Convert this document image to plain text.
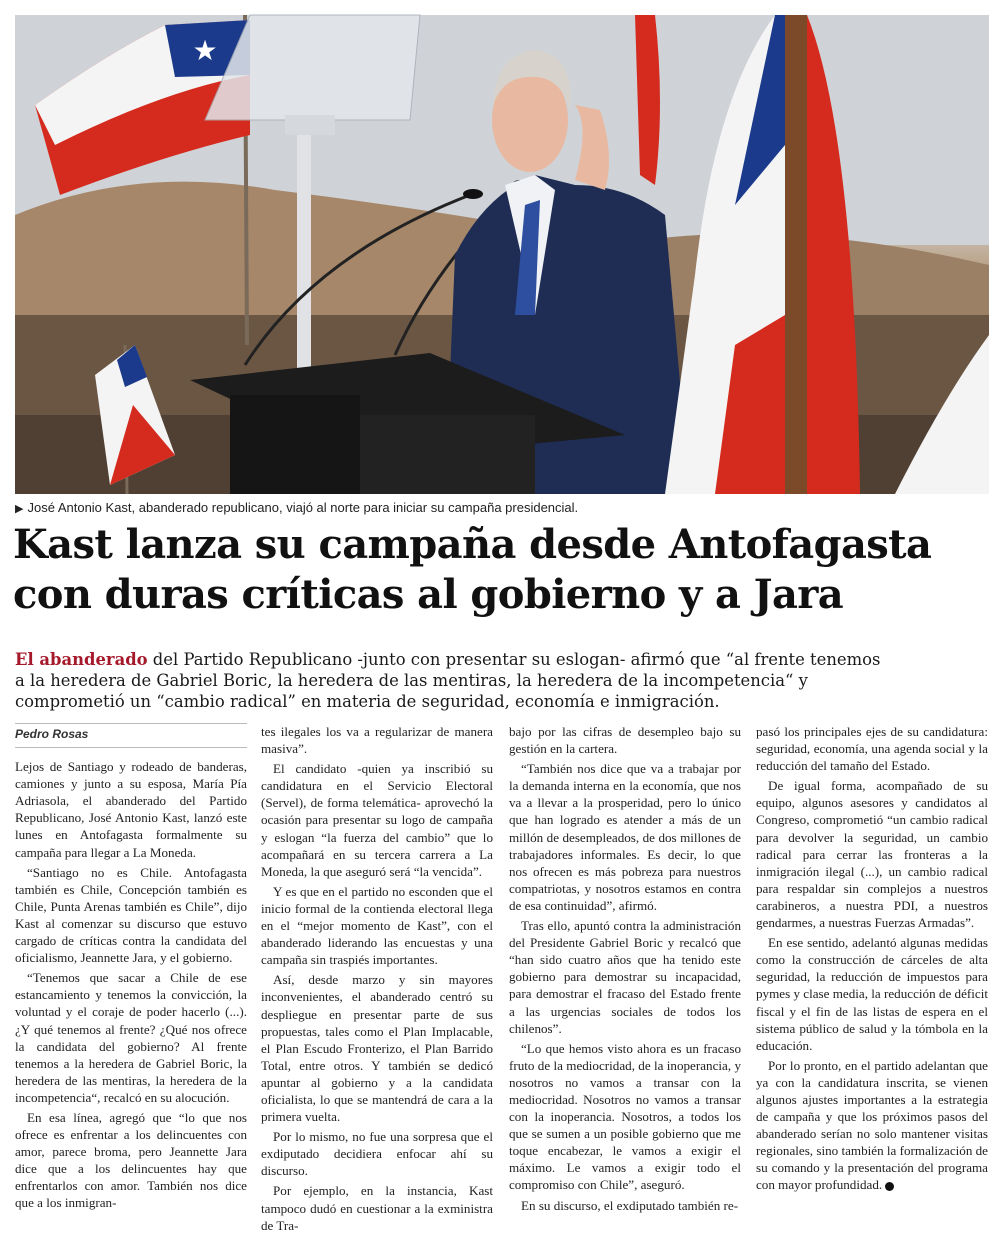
★
▶ José Antonio Kast, abanderado republicano, viajó al norte para iniciar su campaña presidencial.
Kast lanza su campaña desde Antofagasta
con duras críticas al gobierno y a Jara
El abanderado del Partido Republicano -junto con presentar su eslogan- afirmó que “al frente tenemos a la heredera de Gabriel Boric, la heredera de las mentiras, la heredera de la incompetencia“ y comprometió un “cambio radical” en materia de seguridad, economía e inmigración.
Pedro Rosas

Lejos de Santiago y rodeado de banderas, camiones y junto a su esposa, María Pía Adriasola, el abanderado del Partido Republicano, José Antonio Kast, lanzó este lunes en Antofagasta formalmente su campaña para llegar a La Moneda.

“Santiago no es Chile. Antofagasta también es Chile, Concepción también es Chile, Punta Arenas también es Chile”, dijo Kast al comenzar su discurso que estuvo cargado de críticas contra la candidata del oficialismo, Jeannette Jara, y el gobierno.

“Tenemos que sacar a Chile de ese estancamiento y tenemos la convicción, la voluntad y el coraje de poder hacerlo (...). ¿Y qué tenemos al frente? ¿Qué nos ofrece la candidata del gobierno? Al frente tenemos a la heredera de Gabriel Boric, la heredera de las mentiras, la heredera de la incompetencia“, recalcó en su alocución.

En esa línea, agregó que “lo que nos ofrece es enfrentar a los delincuentes con amor, parece broma, pero Jeannette Jara dice que a los delincuentes hay que enfrentarlos con amor. También nos dice que a los inmigran-

tes ilegales los va a regularizar de manera masiva”.

El candidato -quien ya inscribió su candidatura en el Servicio Electoral (Servel), de forma telemática- aprovechó la ocasión para presentar su logo de campaña y eslogan “la fuerza del cambio” que lo acompañará en su tercera carrera a La Moneda, la que aseguró será “la vencida”.

Y es que en el partido no esconden que el inicio formal de la contienda electoral llega en el “mejor momento de Kast”, con el abanderado liderando las encuestas y una campaña sin traspiés importantes.

Así, desde marzo y sin mayores inconvenientes, el abanderado centró su despliegue en presentar parte de sus propuestas, tales como el Plan Implacable, el Plan Escudo Fronterizo, el Plan Barrido Total, entre otros. Y también se dedicó apuntar al gobierno y a la candidata oficialista, lo que se mantendrá de cara a la primera vuelta.

Por lo mismo, no fue una sorpresa que el exdiputado decidiera enfocar ahí su discurso.

Por ejemplo, en la instancia, Kast tampoco dudó en cuestionar a la exministra de Tra-

bajo por las cifras de desempleo bajo su gestión en la cartera.

“También nos dice que va a trabajar por la demanda interna en la economía, que nos va a llevar a la prosperidad, pero lo único que han logrado es atender a más de un millón de desempleados, de dos millones de trabajadores informales. Es decir, lo que nos ofrecen es más pobreza para nuestros compatriotas, y nosotros estamos en contra de esa continuidad”, afirmó.

Tras ello, apuntó contra la administración del Presidente Gabriel Boric y recalcó que “han sido cuatro años que ha tenido este gobierno para demostrar su incapacidad, para demostrar el fracaso del Estado frente a las urgencias sociales de todos los chilenos”.

“Lo que hemos visto ahora es un fracaso fruto de la mediocridad, de la inoperancia, y nosotros no vamos a transar con la mediocridad. Nosotros no vamos a transar con la inoperancia. Nosotros, a todos los que se sumen a un posible gobierno que me toque encabezar, le vamos a exigir el máximo. Le vamos a exigir todo el compromiso con Chile”, aseguró.

En su discurso, el exdiputado también re-

pasó los principales ejes de su candidatura: seguridad, economía, una agenda social y la reducción del tamaño del Estado.

De igual forma, acompañado de su equipo, algunos asesores y candidatos al Congreso, comprometió “un cambio radical para devolver la seguridad, un cambio radical para cerrar las fronteras a la inmigración ilegal (...), un cambio radical para respaldar sin complejos a nuestros carabineros, a nuestra PDI, a nuestros gendarmes, a nuestras Fuerzas Armadas”.

En ese sentido, adelantó algunas medidas como la construcción de cárceles de alta seguridad, la reducción de impuestos para pymes y clase media, la reducción de déficit fiscal y el fin de las listas de espera en el sistema público de salud y la tómbola en la educación.

Por lo pronto, en el partido adelantan que ya con la candidatura inscrita, se vienen algunos ajustes importantes a la estrategia de campaña y que los próximos pasos del abanderado serían no solo mantener visitas regionales, sino también la formalización de su comando y la presentación del programa con mayor profundidad.
